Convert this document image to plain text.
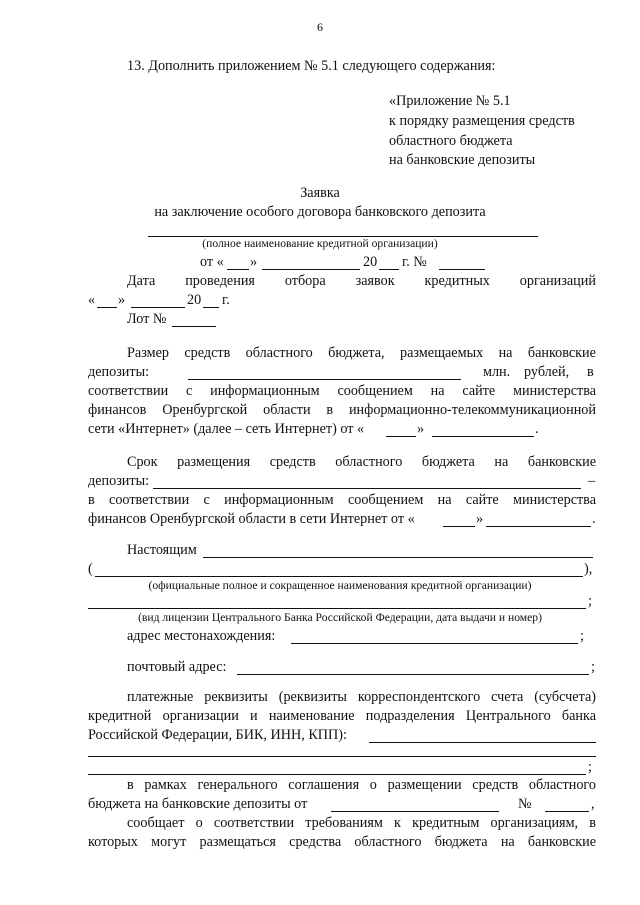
6
13. Дополнить приложением № 5.1 следующего содержания:
«Приложение № 5.1
к порядку размещения средств
областного бюджета
на банковские депозиты
Заявка
на заключение особого договора банковского депозита
(полное наименование кредитной организации)
от « »	20 г. №
Дата проведения отбора заявок кредитных организаций
« »	20 г.
Лот №
Размер средств областного бюджета, размещаемых на банковские
депозиты:	млн. рублей, в
соответствии с информационным сообщением на сайте министерства
финансов Оренбургской области в информационно-телекоммуникационной
сети «Интернет» (далее – сеть Интернет) от «	»	.
Срок размещения средств областного бюджета на банковские
депозиты:	–
в соответствии с информационным сообщением на сайте министерства
финансов Оренбургской области в сети Интернет от «	»	.
Настоящим
(	),
(официальные полное и сокращенное наименования кредитной организации)
;
(вид лицензии Центрального Банка Российской Федерации, дата выдачи и номер)
адрес местонахождения:	;
почтовый адрес:	;
платежные реквизиты (реквизиты корреспондентского счета (субсчета)
кредитной организации и наименование подразделения Центрального банка
Российской Федерации, БИК, ИНН, КПП):
;
в рамках генерального соглашения о размещении средств областного
бюджета на банковские депозиты от	№	,
сообщает о соответствии требованиям к кредитным организациям, в
которых могут размещаться средства областного бюджета на банковские
